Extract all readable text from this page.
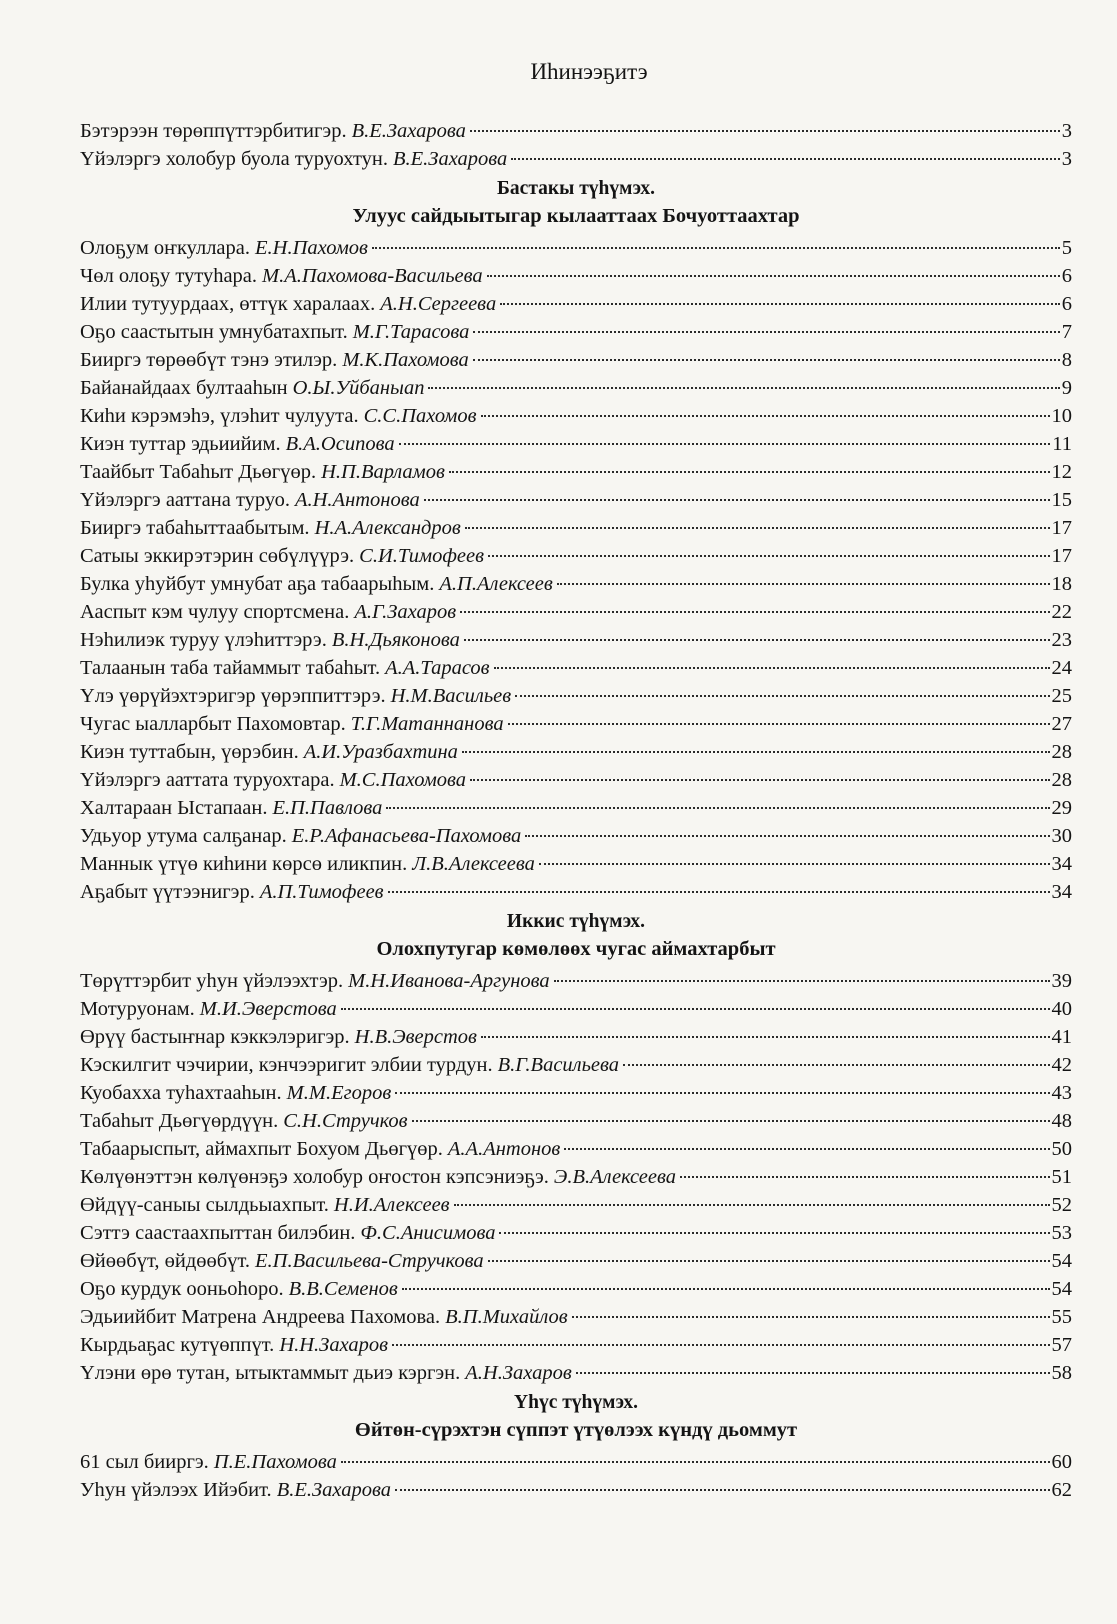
Иһинээҕитэ
Бэтэрээн төрөппүттэрбитигэр. В.Е.Захарова	3
Үйэлэргэ холобур буола туруохтун. В.Е.Захарова	3
Бастакы түһүмэх.
Улуус сайдыытыгар кылааттаах Бочуоттаахтар
Олоҕум оҥкуллара. Е.Н.Пахомов	5
Чөл олоҕу тутуһара. М.А.Пахомова-Васильева	6
Илии тутуурдаах, өттүк харалаах. А.Н.Сергеева	6
Оҕо саастытын умнубатахпыт. М.Г.Тарасова	7
Бииргэ төрөөбүт тэнэ этилэр. М.К.Пахомова	8
Байанайдаах бултааһын О.Ы.Уйбаныап	9
Киһи кэрэмэһэ, үлэһит чулуута. С.С.Пахомов	10
Киэн туттар эдьиийим. В.А.Осипова	11
Таайбыт Табаһыт Дьөгүөр. Н.П.Варламов	12
Үйэлэргэ ааттана туруо. А.Н.Антонова	15
Бииргэ табаһыттаабытым. Н.А.Александров	17
Сатыы эккирэтэрин сөбүлүүрэ. С.И.Тимофеев	17
Булка уһуйбут умнубат аҕа табаарыһым. А.П.Алексеев	18
Ааспыт кэм чулуу спортсмена. А.Г.Захаров	22
Нэһилиэк туруу үлэһиттэрэ. В.Н.Дьяконова	23
Талаанын таба тайаммыт табаһыт. А.А.Тарасов	24
Үлэ үөрүйэхтэригэр үөрэппиттэрэ. Н.М.Васильев	25
Чугас ыалларбыт Пахомовтар. Т.Г.Матаннанова	27
Киэн туттабын, үөрэбин. А.И.Уразбахтина	28
Үйэлэргэ ааттата туруохтара. М.С.Пахомова	28
Халтараан Ыстапаан. Е.П.Павлова	29
Удьуор утума салҕанар. Е.Р.Афанасьева-Пахомова	30
Маннык үтүө киһини көрсө иликпин. Л.В.Алексеева	34
Аҕабыт үүтээнигэр. А.П.Тимофеев	34
Иккис түһүмэх.
Олохпутугар көмөлөөх чугас аймахтарбыт
Төрүттэрбит уһун үйэлээхтэр. М.Н.Иванова-Аргунова	39
Мотуруонам. М.И.Эверстова	40
Өрүү бастыҥнар кэккэлэригэр. Н.В.Эверстов	41
Кэскилгит чэчирии, кэнчээригит элбии турдун. В.Г.Васильева	42
Куобахха туһахтааһын. М.М.Егоров	43
Табаһыт Дьөгүөрдүүн. С.Н.Стручков	48
Табаарыспыт, аймахпыт Бохуом Дьөгүөр. А.А.Антонов	50
Көлүөнэттэн көлүөнэҕэ холобур оҥостон кэпсэниэҕэ. Э.В.Алексеева	51
Өйдүү-саныы сылдьыахпыт. Н.И.Алексеев	52
Сэттэ саастаахпыттан билэбин. Ф.С.Анисимова	53
Өйөөбүт, өйдөөбүт. Е.П.Васильева-Стручкова	54
Оҕо курдук ооньоһоро. В.В.Семенов	54
Эдьиийбит Матрена Андреева Пахомова. В.П.Михайлов	55
Кырдьаҕас кутүөппүт. Н.Н.Захаров	57
Үлэни өрө тутан, ытыктаммыт дьиэ кэргэн. А.Н.Захаров	58
Үһүс түһүмэх.
Өйтөн-сүрэхтэн сүппэт үтүөлээх күндү дьоммут
61 сыл бииргэ. П.Е.Пахомова	60
Уһун үйэлээх Ийэбит. В.Е.Захарова	62
